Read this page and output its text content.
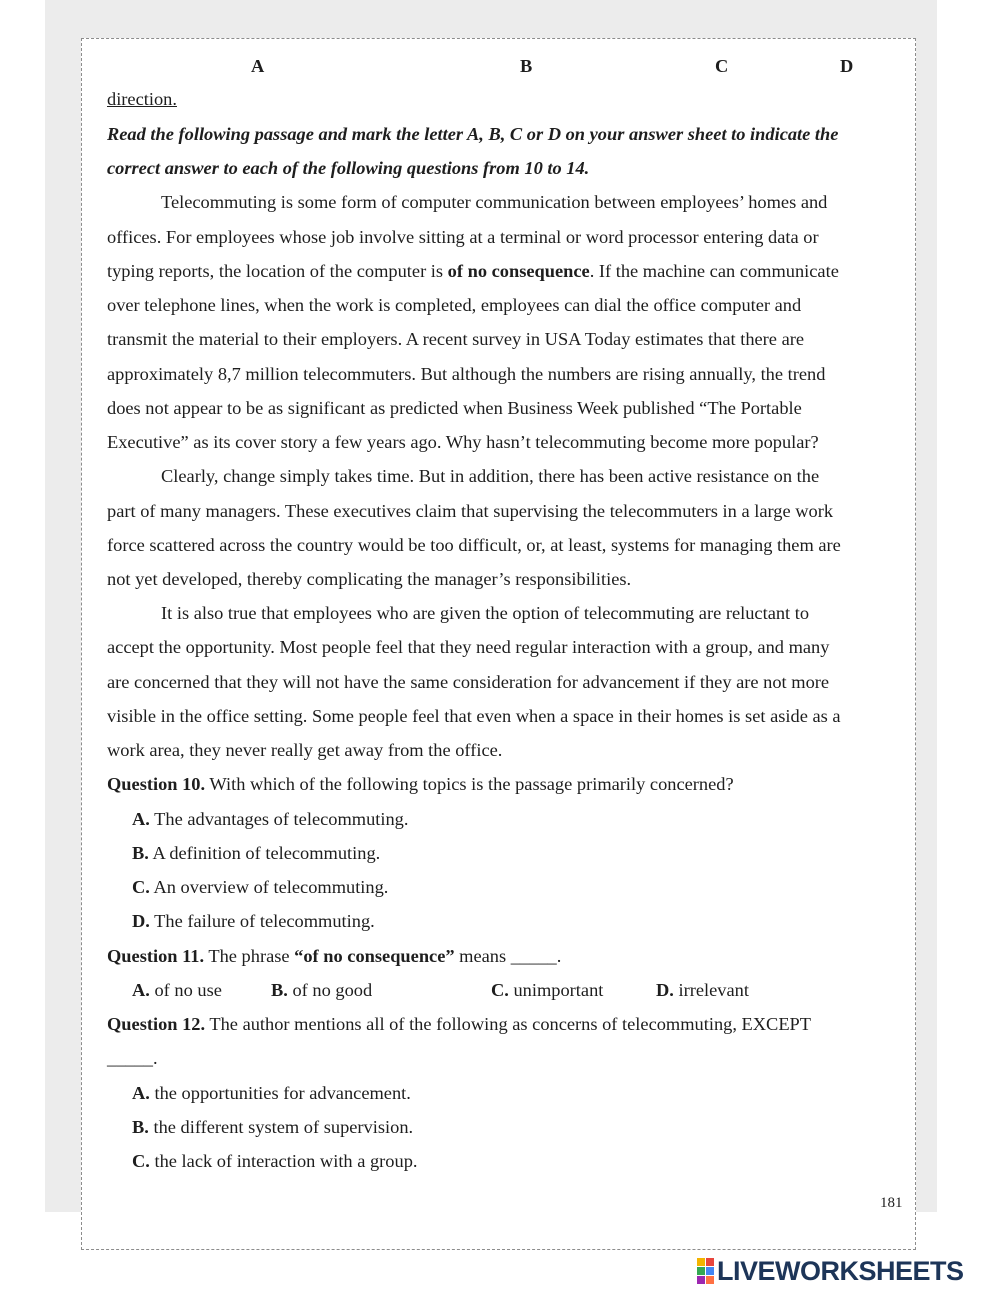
A	B	C	D
direction.
Read the following passage and mark the letter A, B, C or D on your answer sheet to indicate the
correct answer to each of the following questions from 10 to 14.
Telecommuting is some form of computer communication between employees’ homes and
offices. For employees whose job involve sitting at a terminal or word processor entering data or
typing reports, the location of the computer is of no consequence. If the machine can communicate
over telephone lines, when the work is completed, employees can dial the office computer and
transmit the material to their employers. A recent survey in USA Today estimates that there are
approximately 8,7 million telecommuters. But although the numbers are rising annually, the trend
does not appear to be as significant as predicted when Business Week published “The Portable
Executive” as its cover story a few years ago. Why hasn’t telecommuting become more popular?
Clearly, change simply takes time. But in addition, there has been active resistance on the
part of many managers. These executives claim that supervising the telecommuters in a large work
force scattered across the country would be too difficult, or, at least, systems for managing them are
not yet developed, thereby complicating the manager’s responsibilities.
It is also true that employees who are given the option of telecommuting are reluctant to
accept the opportunity. Most people feel that they need regular interaction with a group, and many
are concerned that they will not have the same consideration for advancement if they are not more
visible in the office setting. Some people feel that even when a space in their homes is set aside as a
work area, they never really get away from the office.
Question 10. With which of the following topics is the passage primarily concerned?
A. The advantages of telecommuting.
B. A definition of telecommuting.
C. An overview of telecommuting.
D. The failure of telecommuting.
Question 11. The phrase “of no consequence” means _____.
A. of no use	B. of no good	C. unimportant	D. irrelevant
Question 12. The author mentions all of the following as concerns of telecommuting, EXCEPT
_____.
A. the opportunities for advancement.
B. the different system of supervision.
C. the lack of interaction with a group.
181
LIVEWORKSHEETS
